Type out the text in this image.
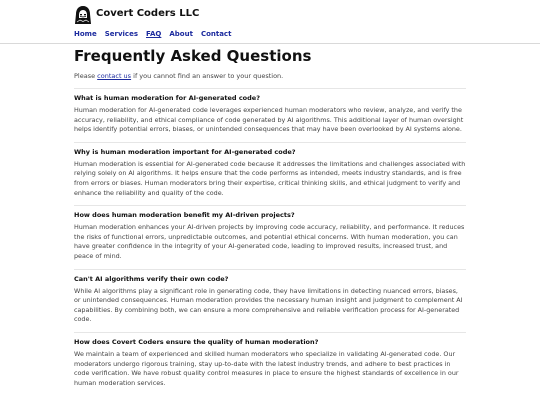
Covert Coders LLC
Home Services FAQ About Contact
Frequently Asked Questions

Please contact us if you cannot find an answer to your question.

What is human moderation for AI-generated code?

Human moderation for AI-generated code leverages experienced human moderators who review, analyze, and verify the accuracy, reliability, and ethical compliance of code generated by AI algorithms. This additional layer of human oversight helps identify potential errors, biases, or unintended consequences that may have been overlooked by AI systems alone.

Why is human moderation important for AI-generated code?

Human moderation is essential for AI-generated code because it addresses the limitations and challenges associated with relying solely on AI algorithms. It helps ensure that the code performs as intended, meets industry standards, and is free from errors or biases. Human moderators bring their expertise, critical thinking skills, and ethical judgment to verify and enhance the reliability and quality of the code.

How does human moderation benefit my AI-driven projects?

Human moderation enhances your AI-driven projects by improving code accuracy, reliability, and performance. It reduces the risks of functional errors, unpredictable outcomes, and potential ethical concerns. With human moderation, you can have greater confidence in the integrity of your AI-generated code, leading to improved results, increased trust, and peace of mind.

Can't AI algorithms verify their own code?

While AI algorithms play a significant role in generating code, they have limitations in detecting nuanced errors, biases, or unintended consequences. Human moderation provides the necessary human insight and judgment to complement AI capabilities. By combining both, we can ensure a more comprehensive and reliable verification process for AI-generated code.

How does Covert Coders ensure the quality of human moderation?

We maintain a team of experienced and skilled human moderators who specialize in validating AI-generated code. Our moderators undergo rigorous training, stay up-to-date with the latest industry trends, and adhere to best practices in code verification. We have robust quality control measures in place to ensure the highest standards of excellence in our human moderation services.
